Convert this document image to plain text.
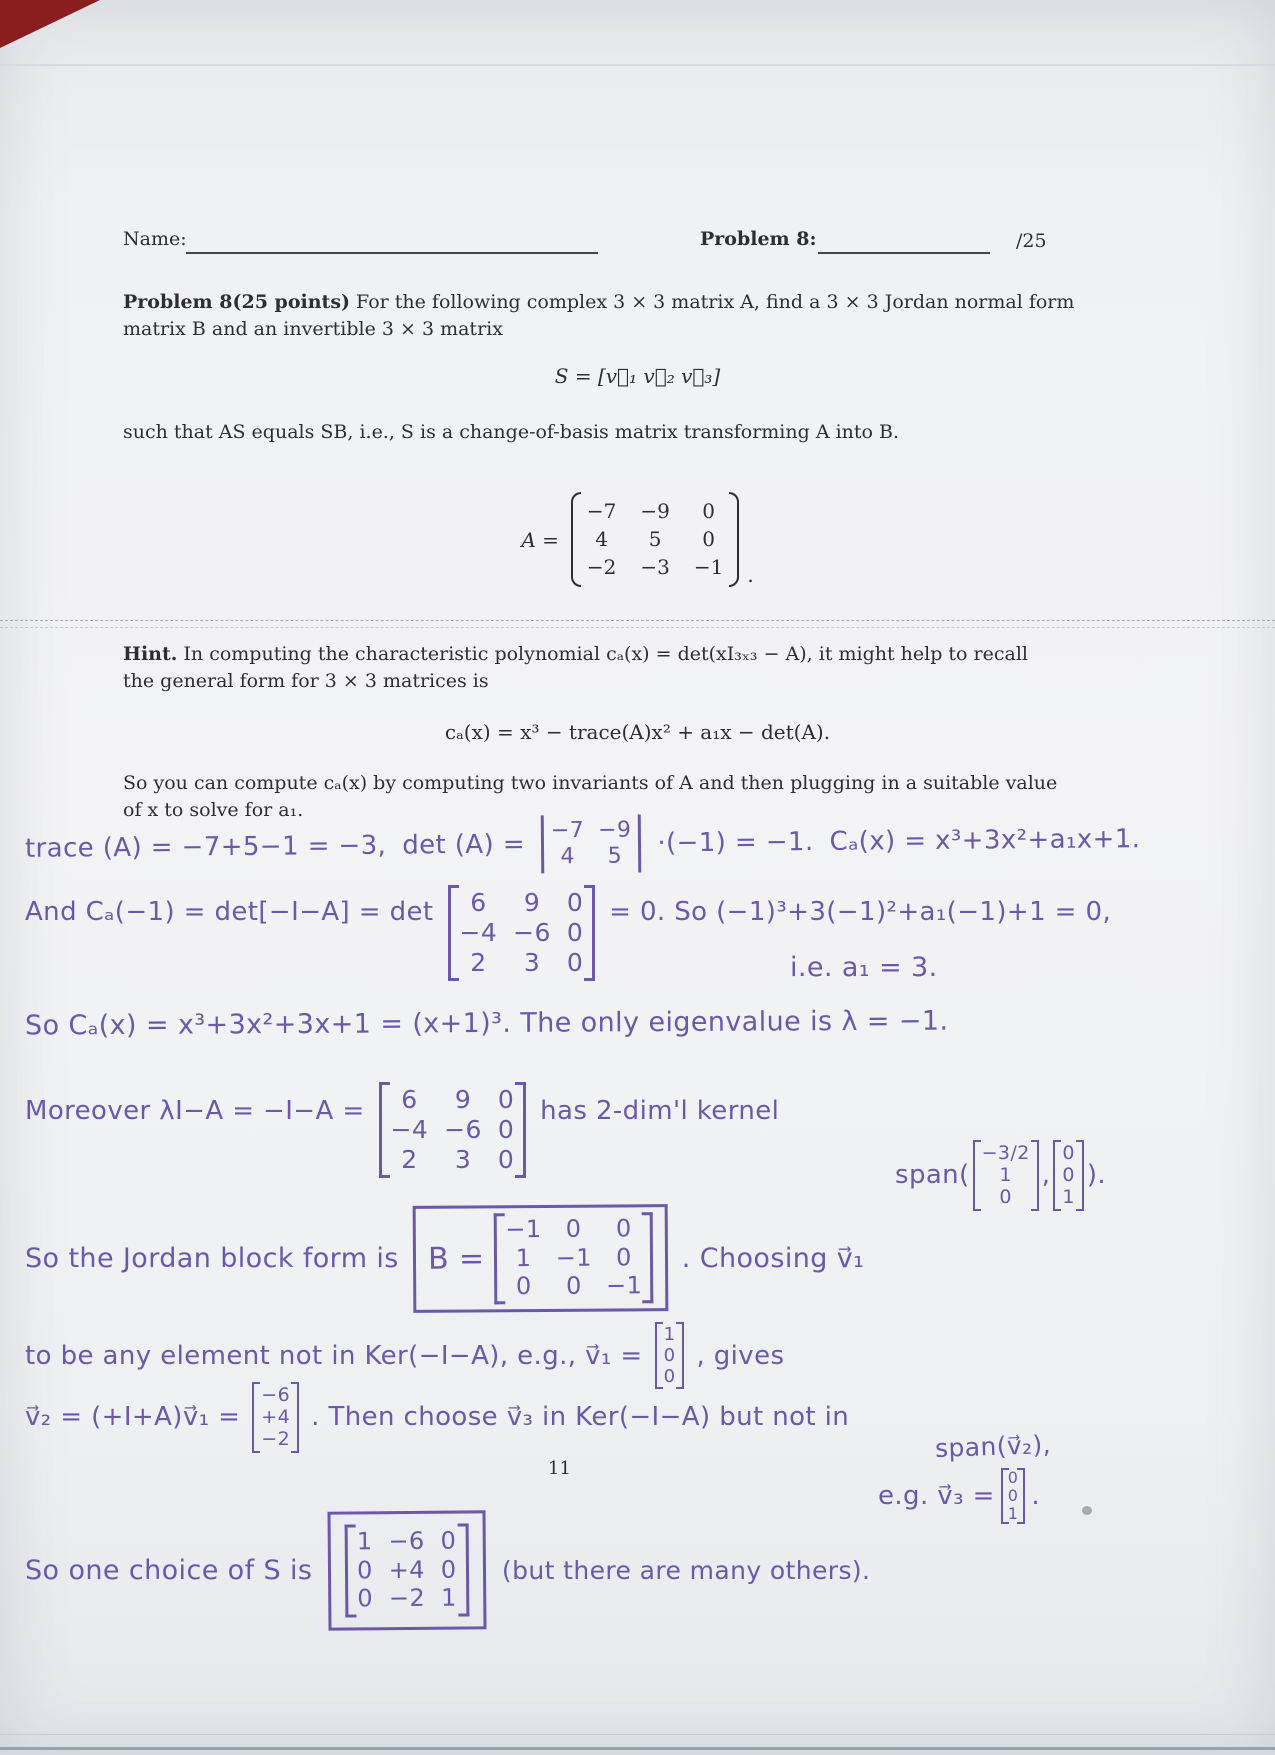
Name:	Problem 8:	/25
Problem 8(25 points) For the following complex 3 × 3 matrix A, find a 3 × 3 Jordan normal form
matrix B and an invertible 3 × 3 matrix
S = [v⃗₁ v⃗₂ v⃗₃]
such that AS equals SB, i.e., S is a change-of-basis matrix transforming A into B.
A =
−7 −9	0
4	5	0
−2 −3 −1 .
Hint. In computing the characteristic polynomial cₐ(x) = det(xI₃ₓ₃ − A), it might help to recall
the general form for 3 × 3 matrices is
cₐ(x) = x³ − trace(A)x² + a₁x − det(A).
So you can compute cₐ(x) by computing two invariants of A and then plugging in a suitable value
of x to solve for a₁.
trace (A) = −7+5−1 = −3, det (A) = −7 −9
4	5	·(−1) = −1. Cₐ(x) = x³+3x²+a₁x+1.
And Cₐ(−1) = det[−I−A] = det	6	9	0
−4 −6 0
2	3	0
= 0. So (−1)³+3(−1)²+a₁(−1)+1 = 0,
i.e. a₁ = 3.
So Cₐ(x) = x³+3x²+3x+1 = (x+1)³. The only eigenvalue is λ = −1.
Moreover λI−A = −I−A =	6	9	0
−4 −6 0
2	3	0
has 2-dim'l kernel
span(
−3/2
1
0
,
0
0
1
).
So the Jordan block form is B =
−1	0	0
1	−1	0
0	0	−1
. Choosing v⃗₁
to be any element not in Ker(−I−A), e.g., v⃗₁ =
1
0
0
, gives
v⃗₂ = (+I+A)v⃗₁ =
−6
+4
−2
. Then choose v⃗₃ in Ker(−I−A) but not in
span(v⃗₂),
e.g. v⃗₃ =
0
0
1
.
11
So one choice of S is
1 −6 0
0 +4 0
0 −2 1
(but there are many others).
